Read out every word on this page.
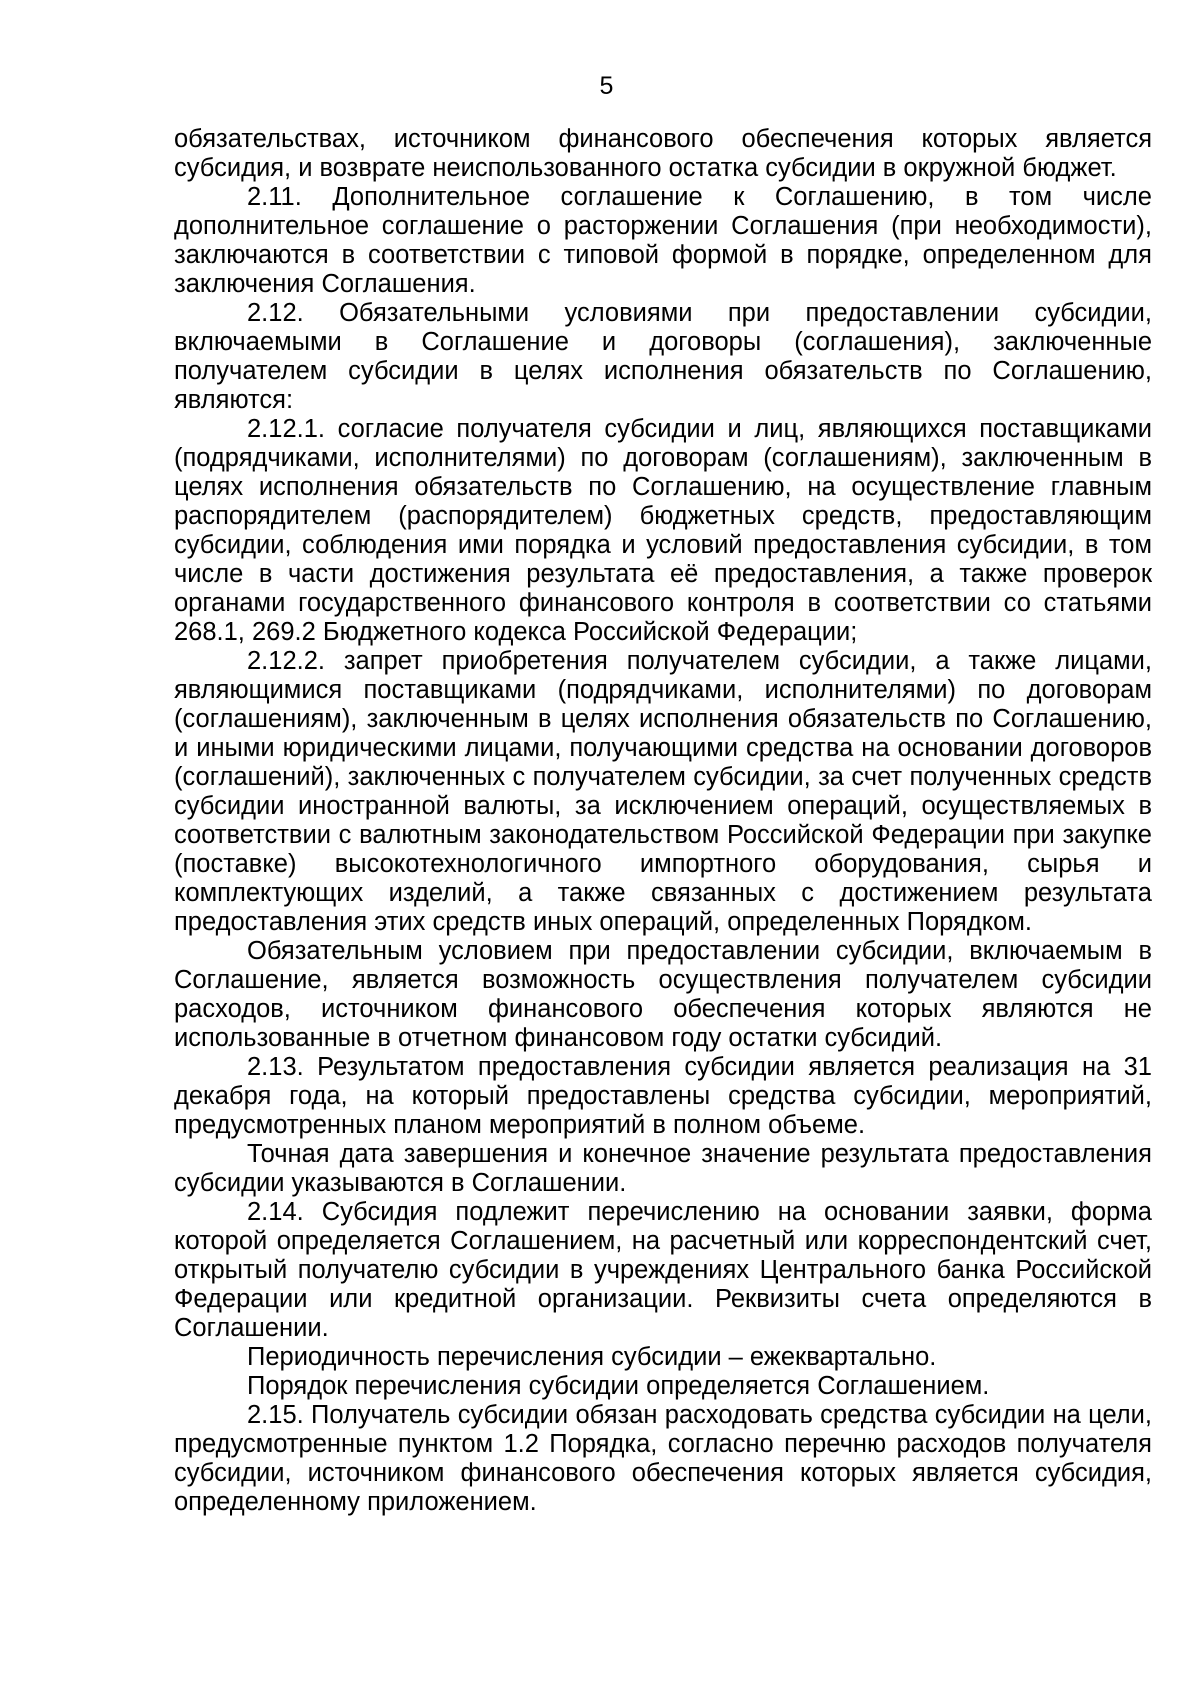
5

обязательствах, источником финансового обеспечения которых является субсидия, и возврате неиспользованного остатка субсидии в окружной бюджет.

2.11. Дополнительное соглашение к Соглашению, в том числе дополнительное соглашение о расторжении Соглашения (при необходимости), заключаются в соответствии с типовой формой в порядке, определенном для заключения Соглашения.

2.12. Обязательными условиями при предоставлении субсидии, включаемыми в Соглашение и договоры (соглашения), заключенные получателем субсидии в целях исполнения обязательств по Соглашению, являются:

2.12.1. согласие получателя субсидии и лиц, являющихся поставщиками (подрядчиками, исполнителями) по договорам (соглашениям), заключенным в целях исполнения обязательств по Соглашению, на осуществление главным распорядителем (распорядителем) бюджетных средств, предоставляющим субсидии, соблюдения ими порядка и условий предоставления субсидии, в том числе в части достижения результата её предоставления, а также проверок органами государственного финансового контроля в соответствии со статьями 268.1, 269.2 Бюджетного кодекса Российской Федерации;

2.12.2. запрет приобретения получателем субсидии, а также лицами, являющимися поставщиками (подрядчиками, исполнителями) по договорам (соглашениям), заключенным в целях исполнения обязательств по Соглашению, и иными юридическими лицами, получающими средства на основании договоров (соглашений), заключенных с получателем субсидии, за счет полученных средств субсидии иностранной валюты, за исключением операций, осуществляемых в соответствии с валютным законодательством Российской Федерации при закупке (поставке) высокотехнологичного импортного оборудования, сырья и комплектующих изделий, а также связанных с достижением результата предоставления этих средств иных операций, определенных Порядком.

Обязательным условием при предоставлении субсидии, включаемым в Соглашение, является возможность осуществления получателем субсидии расходов, источником финансового обеспечения которых являются не использованные в отчетном финансовом году остатки субсидий.

2.13. Результатом предоставления субсидии является реализация на 31 декабря года, на который предоставлены средства субсидии, мероприятий, предусмотренных планом мероприятий в полном объеме.

Точная дата завершения и конечное значение результата предоставления субсидии указываются в Соглашении.

2.14. Субсидия подлежит перечислению на основании заявки, форма которой определяется Соглашением, на расчетный или корреспондентский счет, открытый получателю субсидии в учреждениях Центрального банка Российской Федерации или кредитной организации. Реквизиты счета определяются в Соглашении.

Периодичность перечисления субсидии – ежеквартально.

Порядок перечисления субсидии определяется Соглашением.

2.15. Получатель субсидии обязан расходовать средства субсидии на цели, предусмотренные пунктом 1.2 Порядка, согласно перечню расходов получателя субсидии, источником финансового обеспечения которых является субсидия, определенному приложением.
